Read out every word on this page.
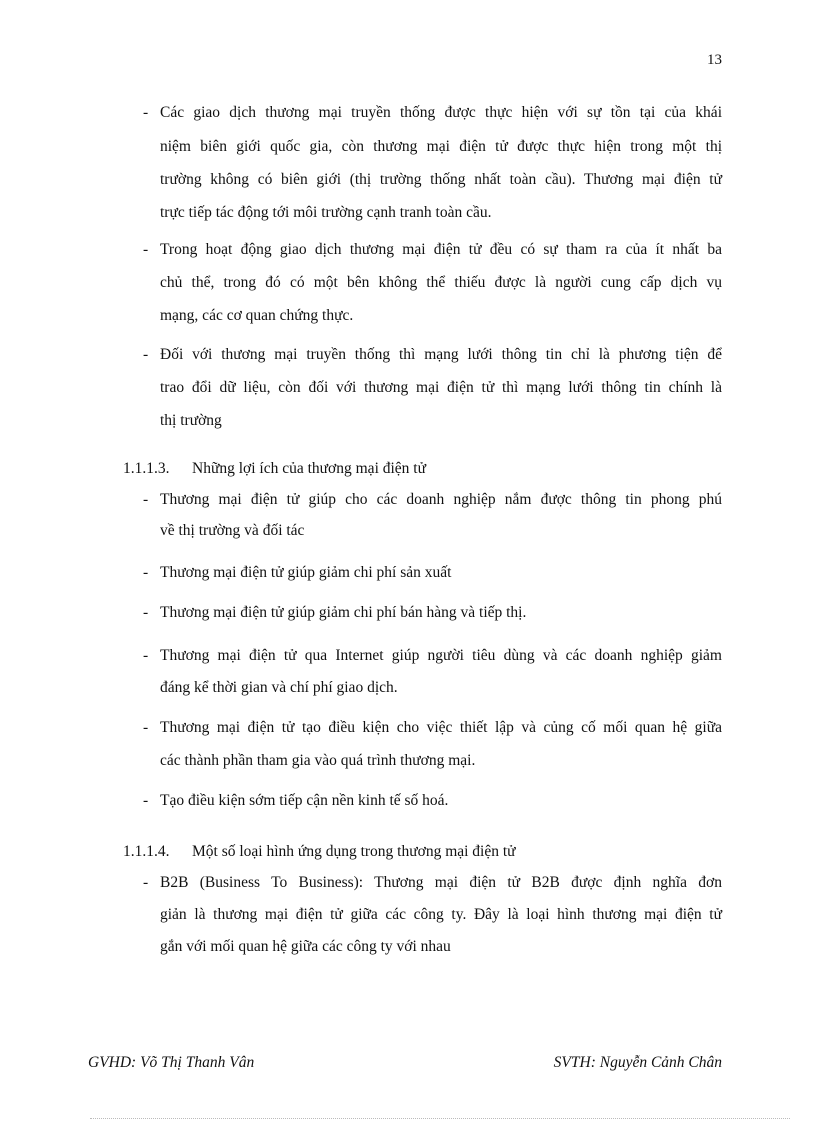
13
- Các giao dịch thương mại truyền thống được thực hiện với sự tồn tại của khái
niệm biên giới quốc gia, còn thương mại điện tử được thực hiện trong một thị
trường không có biên giới (thị trường thống nhất toàn cầu). Thương mại điện tử
trực tiếp tác động tới môi trường cạnh tranh toàn cầu.
- Trong hoạt động giao dịch thương mại điện tử đều có sự tham ra của ít nhất ba
chủ thể, trong đó có một bên không thể thiếu được là người cung cấp dịch vụ
mạng, các cơ quan chứng thực.
- Đối với thương mại truyền thống thì mạng lưới thông tin chỉ là phương tiện để
trao đổi dữ liệu, còn đối với thương mại điện tử thì mạng lưới thông tin chính là
thị trường
1.1.1.3. Những lợi ích của thương mại điện tử
- Thương mại điện tử giúp cho các doanh nghiệp nắm được thông tin phong phú
về thị trường và đối tác
- Thương mại điện tử giúp giảm chi phí sản xuất
- Thương mại điện tử giúp giảm chi phí bán hàng và tiếp thị.
- Thương mại điện tử qua Internet giúp người tiêu dùng và các doanh nghiệp giảm
đáng kể thời gian và chí phí giao dịch.
- Thương mại điện tử tạo điều kiện cho việc thiết lập và củng cố mối quan hệ giữa
các thành phần tham gia vào quá trình thương mại.
- Tạo điều kiện sớm tiếp cận nền kinh tế số hoá.
1.1.1.4. Một số loại hình ứng dụng trong thương mại điện tử
- B2B (Business To Business): Thương mại điện tử B2B được định nghĩa đơn
giản là thương mại điện tử giữa các công ty. Đây là loại hình thương mại điện tử
gắn với mối quan hệ giữa các công ty với nhau
GVHD: Võ Thị Thanh Vân	SVTH: Nguyễn Cảnh Chân
